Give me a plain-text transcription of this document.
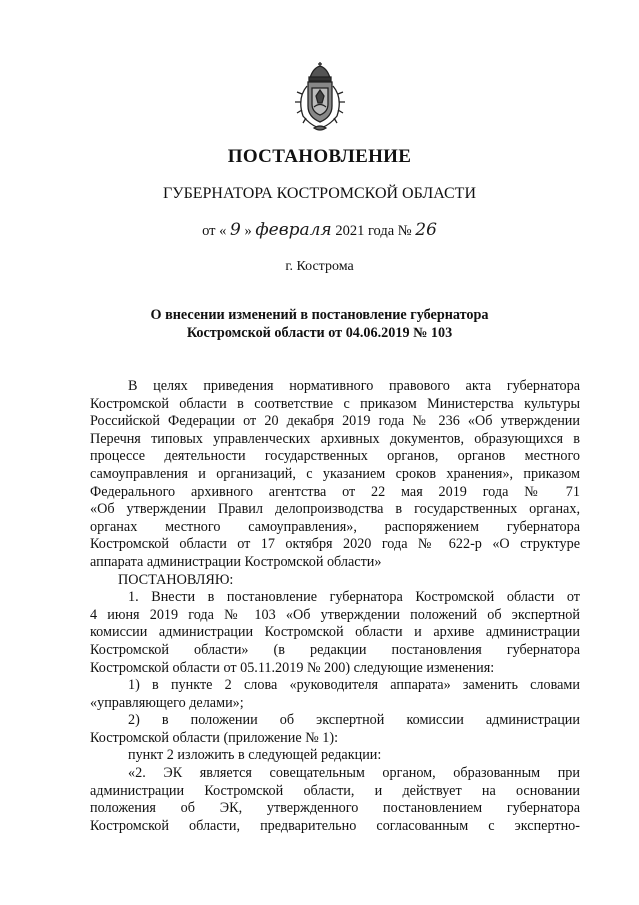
ПОСТАНОВЛЕНИЕ
ГУБЕРНАТОРА КОСТРОМСКОЙ ОБЛАСТИ
от « 9 » февраля 2021 года № 26
г. Кострома
О внесении изменений в постановление губернатора
Костромской области от 04.06.2019 № 103
В целях приведения нормативного правового акта губернатора
Костромской области в соответствие с приказом Министерства культуры
Российской Федерации от 20 декабря 2019 года № 236 «Об утверждении
Перечня типовых управленческих архивных документов, образующихся в
процессе деятельности государственных органов, органов местного
самоуправления и организаций, с указанием сроков хранения», приказом
Федерального архивного агентства от 22 мая 2019 года № 71
«Об утверждении Правил делопроизводства в государственных органах,
органах местного самоуправления», распоряжением губернатора
Костромской области от 17 октября 2020 года № 622-р «О структуре
аппарата администрации Костромской области»
ПОСТАНОВЛЯЮ:
1. Внести в постановление губернатора Костромской области от
4 июня 2019 года № 103 «Об утверждении положений об экспертной
комиссии администрации Костромской области и архиве администрации
Костромской области» (в редакции постановления губернатора
Костромской области от 05.11.2019 № 200) следующие изменения:
1) в пункте 2 слова «руководителя аппарата» заменить словами
«управляющего делами»;
2) в положении об экспертной комиссии администрации
Костромской области (приложение № 1):
пункт 2 изложить в следующей редакции:
«2. ЭК является совещательным органом, образованным при
администрации Костромской области, и действует на основании
положения об ЭК, утвержденного постановлением губернатора
Костромской области, предварительно согласованным с экспертно-
